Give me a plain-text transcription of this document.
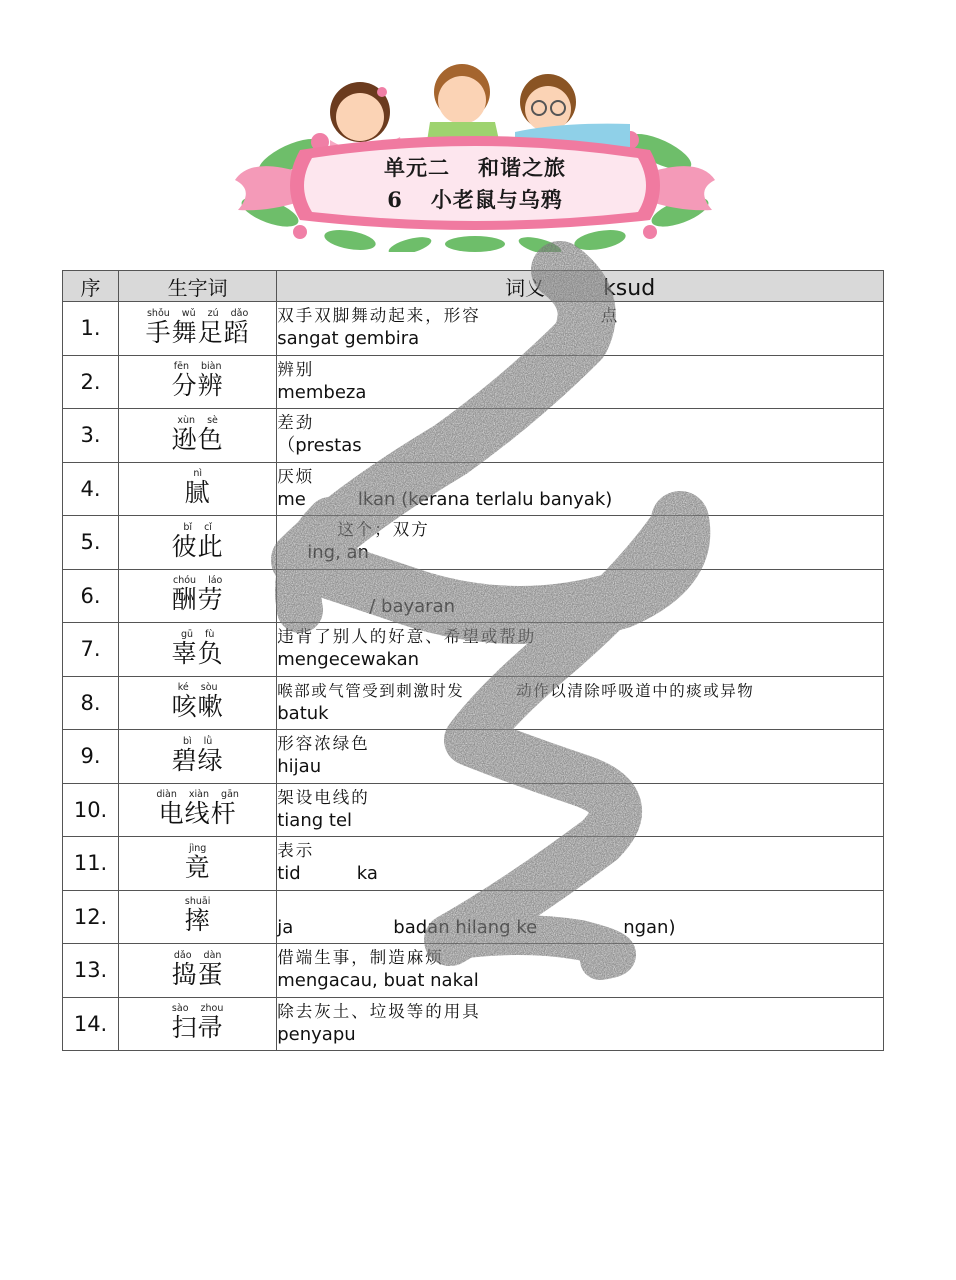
单元二 和谐之旅
6 小老鼠与乌鸦
序	生字词	词义 ksud
1.	shǒu wǔ zú dǎo
手舞足蹈	双手双脚舞动起来，形容 点
sangat gembira

2.	fēn biàn
分辨	辨别
membeza

3.	xùn sè
逊色	差劲
（prestas

4.	nì
腻	厌烦
me lkan (kerana terlalu banyak)

5.	bǐ cǐ
彼此	这个；双方
ing, an

6.	chóu láo
酬劳	/ bayaran

7.	gū fù
辜负	违背了别人的好意、希望或帮助
mengecewakan

8.	ké sòu
咳嗽	喉部或气管受到刺激时发 动作以清除呼吸道中的痰或异物
batuk

9.	bì lǜ
碧绿	形容浓绿色
hijau

10.	diàn xiàn gān
电线杆	架设电线的
tiang tel

11.	jìng
竟	表示
tid ka

12.	shuāi
摔	ja badan hilang ke ngan)

13.	dǎo dàn
捣蛋	借端生事，制造麻烦
mengacau, buat nakal

14.	sào zhou
扫帚	除去灰土、垃圾等的用具
penyapu
